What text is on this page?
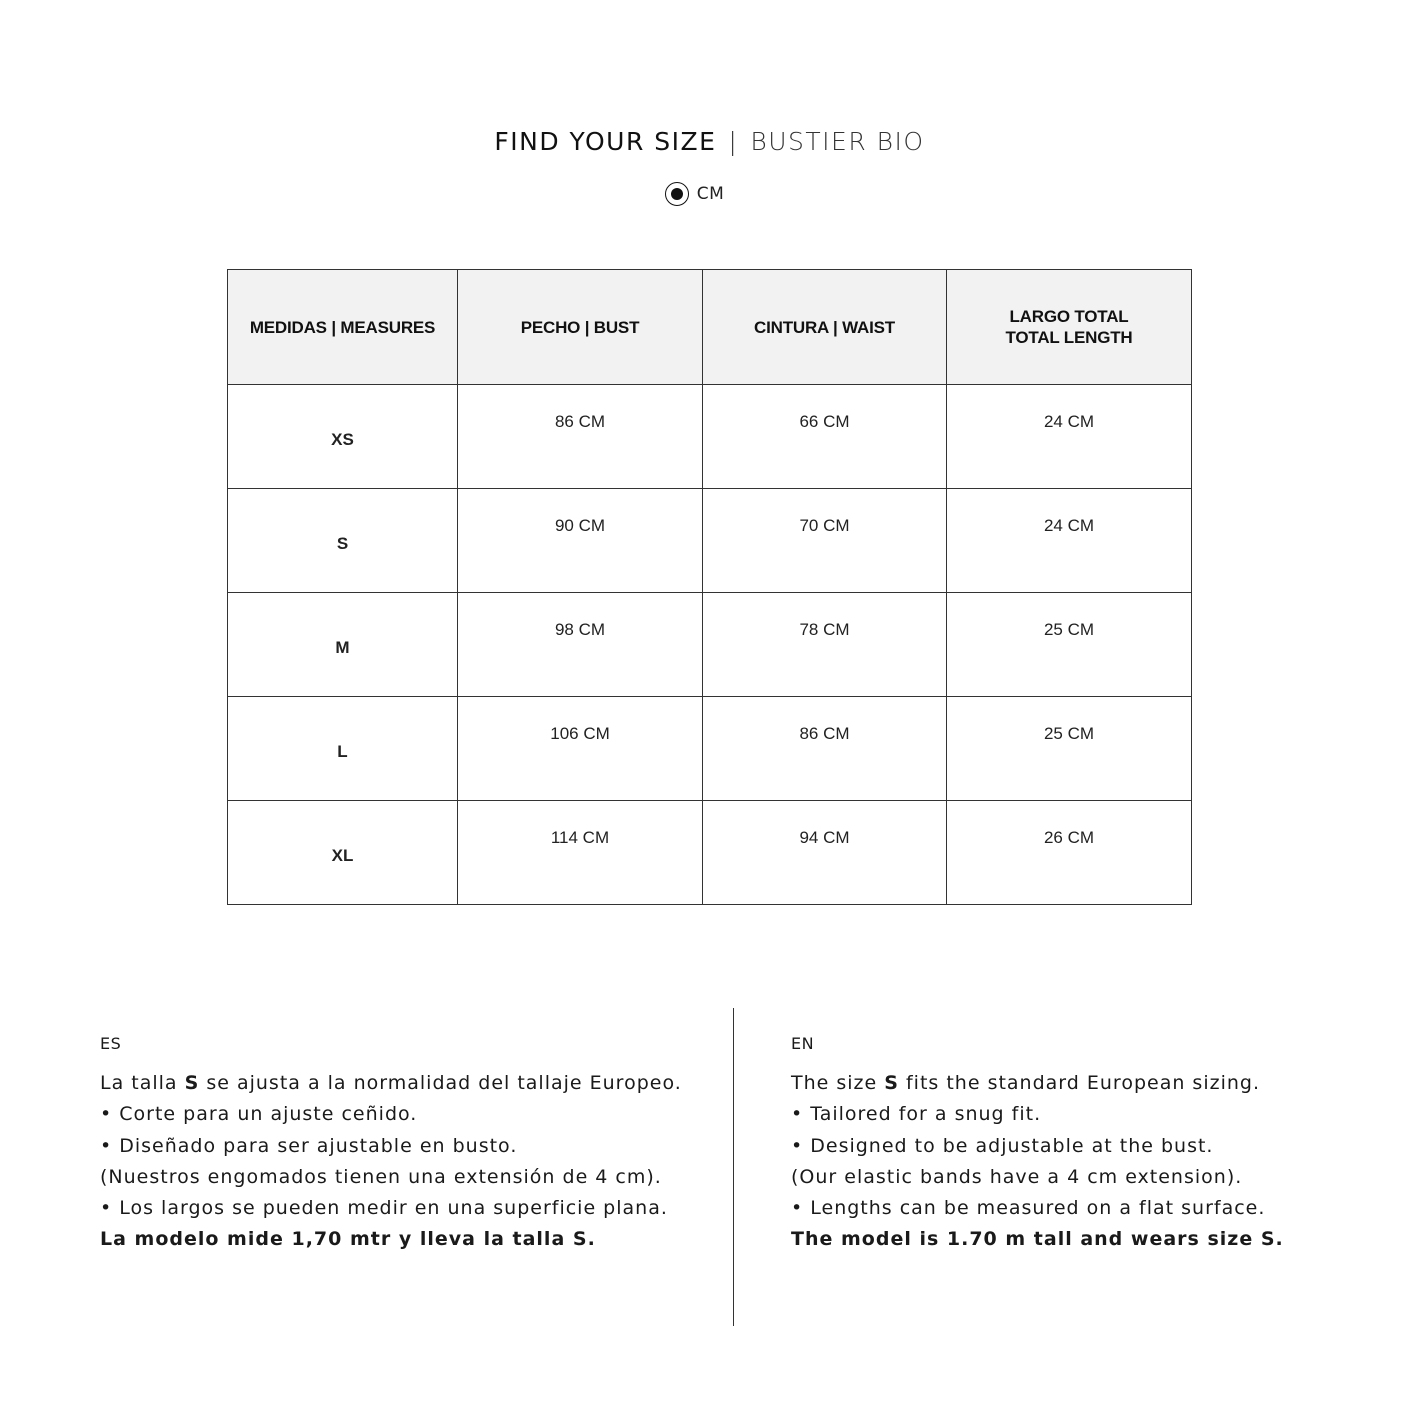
FIND YOUR SIZE | BUSTIER BIO
CM
MEDIDAS | MEASURES	PECHO | BUST	CINTURA | WAIST	LARGO TOTAL
TOTAL LENGTH

XS	86 CM	66 CM	24 CM
S	90 CM	70 CM	24 CM
M	98 CM	78 CM	25 CM
L	106 CM	86 CM	25 CM
XL	114 CM	94 CM	26 CM
ES
La talla S se ajusta a la normalidad del tallaje Europeo.
• Corte para un ajuste ceñido.
• Diseñado para ser ajustable en busto.
(Nuestros engomados tienen una extensión de 4 cm).
• Los largos se pueden medir en una superficie plana.
La modelo mide 1,70 mtr y lleva la talla S.
EN
The size S fits the standard European sizing.
• Tailored for a snug fit.
• Designed to be adjustable at the bust.
(Our elastic bands have a 4 cm extension).
• Lengths can be measured on a flat surface.
The model is 1.70 m tall and wears size S.
